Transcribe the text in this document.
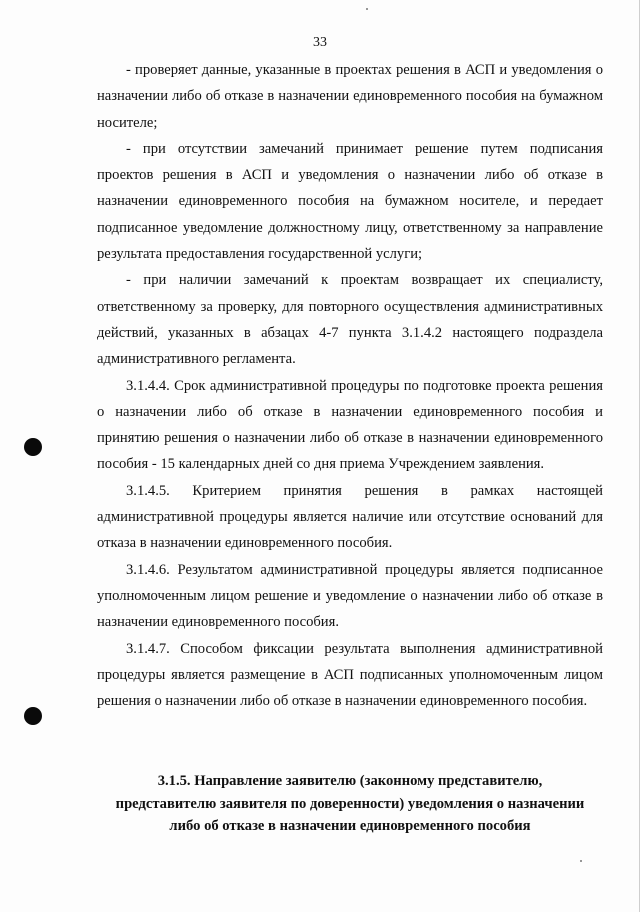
33

- проверяет данные, указанные в проектах решения в АСП и уведомления о назначении либо об отказе в назначении единовременного пособия на бумажном носителе;

- при отсутствии замечаний принимает решение путем подписания проектов решения в АСП и уведомления о назначении либо об отказе в назначении единовременного пособия на бумажном носителе, и передает подписанное уведомление должностному лицу, ответственному за направление результата предоставления государственной услуги;

- при наличии замечаний к проектам возвращает их специалисту, ответственному за проверку, для повторного осуществления административных действий, указанных в абзацах 4-7 пункта 3.1.4.2 настоящего подраздела административного регламента.

3.1.4.4. Срок административной процедуры по подготовке проекта решения о назначении либо об отказе в назначении единовременного пособия и принятию решения о назначении либо об отказе в назначении единовременного пособия - 15 календарных дней со дня приема Учреждением заявления.

3.1.4.5. Критерием принятия решения в рамках настоящей административной процедуры является наличие или отсутствие оснований для отказа в назначении единовременного пособия.

3.1.4.6. Результатом административной процедуры является подписанное уполномоченным лицом решение и уведомление о назначении либо об отказе в назначении единовременного пособия.

3.1.4.7. Способом фиксации результата выполнения административной процедуры является размещение в АСП подписанных уполномоченным лицом решения о назначении либо об отказе в назначении единовременного пособия.

3.1.5. Направление заявителю (законному представителю,
представителю заявителя по доверенности) уведомления о назначении
либо об отказе в назначении единовременного пособия
